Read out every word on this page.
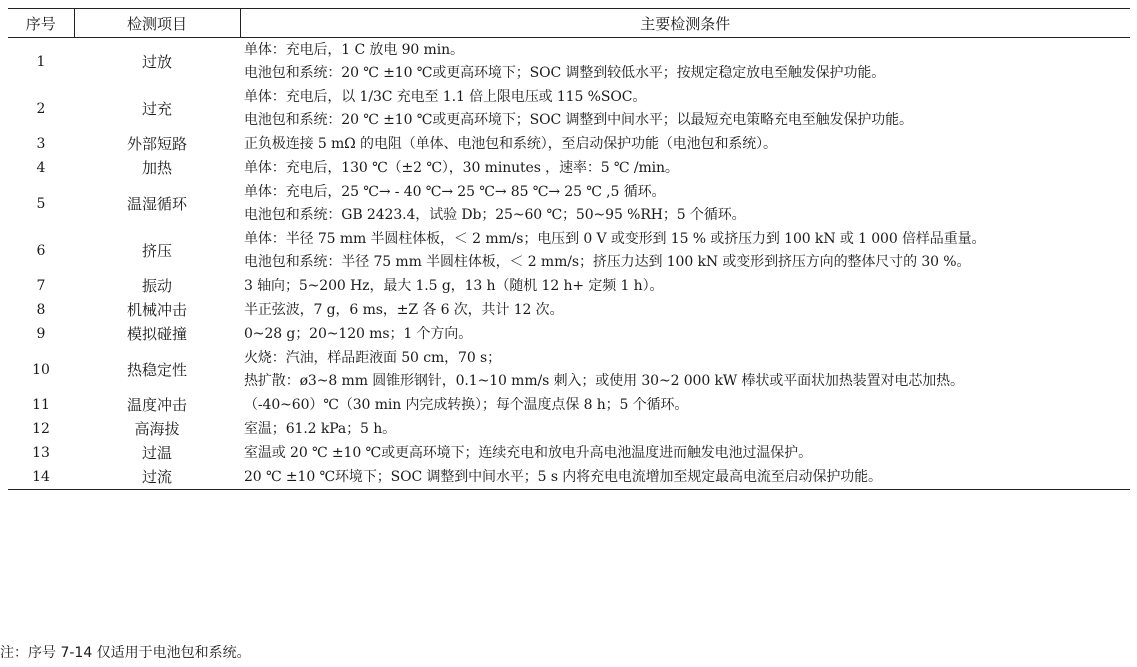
序号	检测项目	主要检测条件
1	过放	单体：充电后，1 C 放电 90 min。
电池包和系统：20 ℃ ±10 ℃或更高环境下；SOC 调整到较低水平；按规定稳定放电至触发保护功能。

2	过充	单体：充电后，以 1/3C 充电至 1.1 倍上限电压或 115 %SOC。
电池包和系统：20 ℃ ±10 ℃或更高环境下；SOC 调整到中间水平；以最短充电策略充电至触发保护功能。

3	外部短路	正负极连接 5 mΩ 的电阻（单体、电池包和系统），至启动保护功能（电池包和系统）。

4	加热	单体：充电后，130 ℃（±2 ℃），30 minutes ，速率：5 ℃ /min。

5	温湿循环	单体：充电后，25 ℃→ - 40 ℃→ 25 ℃→ 85 ℃→ 25 ℃ ,5 循环。
电池包和系统：GB 2423.4，试验 Db；25~60 ℃；50~95 %RH；5 个循环。

6	挤压	单体：半径 75 mm 半圆柱体板，＜ 2 mm/s；电压到 0 V 或变形到 15 % 或挤压力到 100 kN 或 1 000 倍样品重量。
电池包和系统：半径 75 mm 半圆柱体板，＜ 2 mm/s；挤压力达到 100 kN 或变形到挤压方向的整体尺寸的 30 %。

7	振动	3 轴向；5~200 Hz，最大 1.5 g，13 h（随机 12 h+ 定频 1 h）。

8	机械冲击	半正弦波，7 g，6 ms，±Z 各 6 次，共计 12 次。

9	模拟碰撞	0~28 g；20~120 ms；1 个方向。

10	热稳定性	火烧：汽油，样品距液面 50 cm，70 s；
热扩散：ø3~8 mm 圆锥形钢针，0.1~10 mm/s 刺入；或使用 30~2 000 kW 棒状或平面状加热装置对电芯加热。

11	温度冲击	（-40~60）℃（30 min 内完成转换）；每个温度点保 8 h；5 个循环。

12	高海拔	室温；61.2 kPa；5 h。

13	过温	室温或 20 ℃ ±10 ℃或更高环境下；连续充电和放电升高电池温度进而触发电池过温保护。

14	过流	20 ℃ ±10 ℃环境下；SOC 调整到中间水平；5 s 内将充电电流增加至规定最高电流至启动保护功能。
注：序号 7-14 仅适用于电池包和系统。
